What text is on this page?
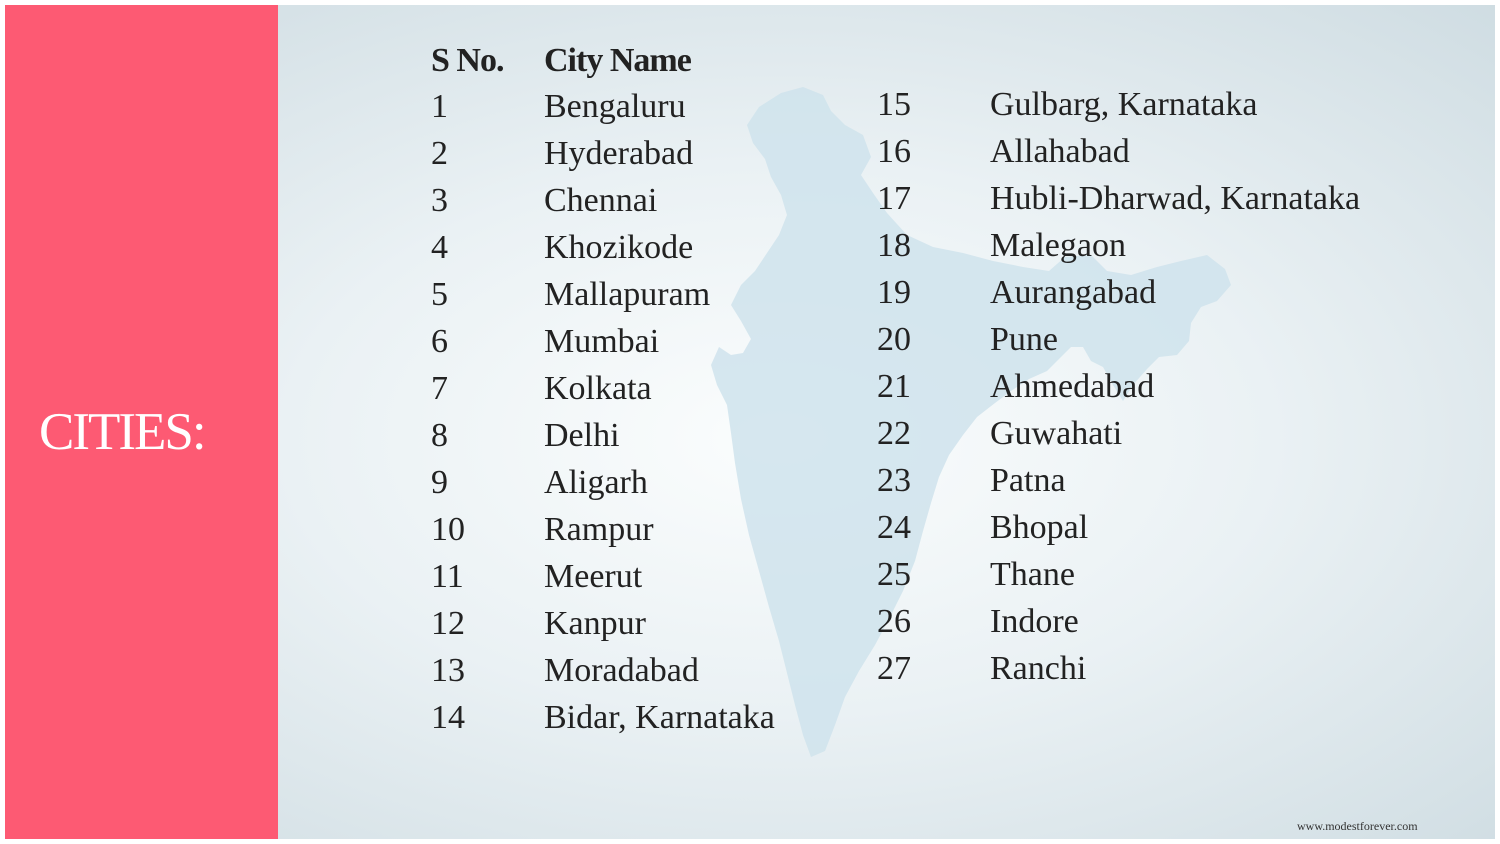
CITIES:
S No. City Name
1	Bengaluru
2	Hyderabad
3	Chennai
4	Khozikode
5	Mallapuram
6	Mumbai
7	Kolkata
8	Delhi
9	Aligarh
10 Rampur
11 Meerut
12 Kanpur
13 Moradabad
14 Bidar, Karnataka
15 Gulbarg, Karnataka
16 Allahabad
17 Hubli-Dharwad, Karnataka
18 Malegaon
19 Aurangabad
20 Pune
21 Ahmedabad
22 Guwahati
23 Patna
24 Bhopal
25 Thane
26 Indore
27 Ranchi
www.modestforever.com
